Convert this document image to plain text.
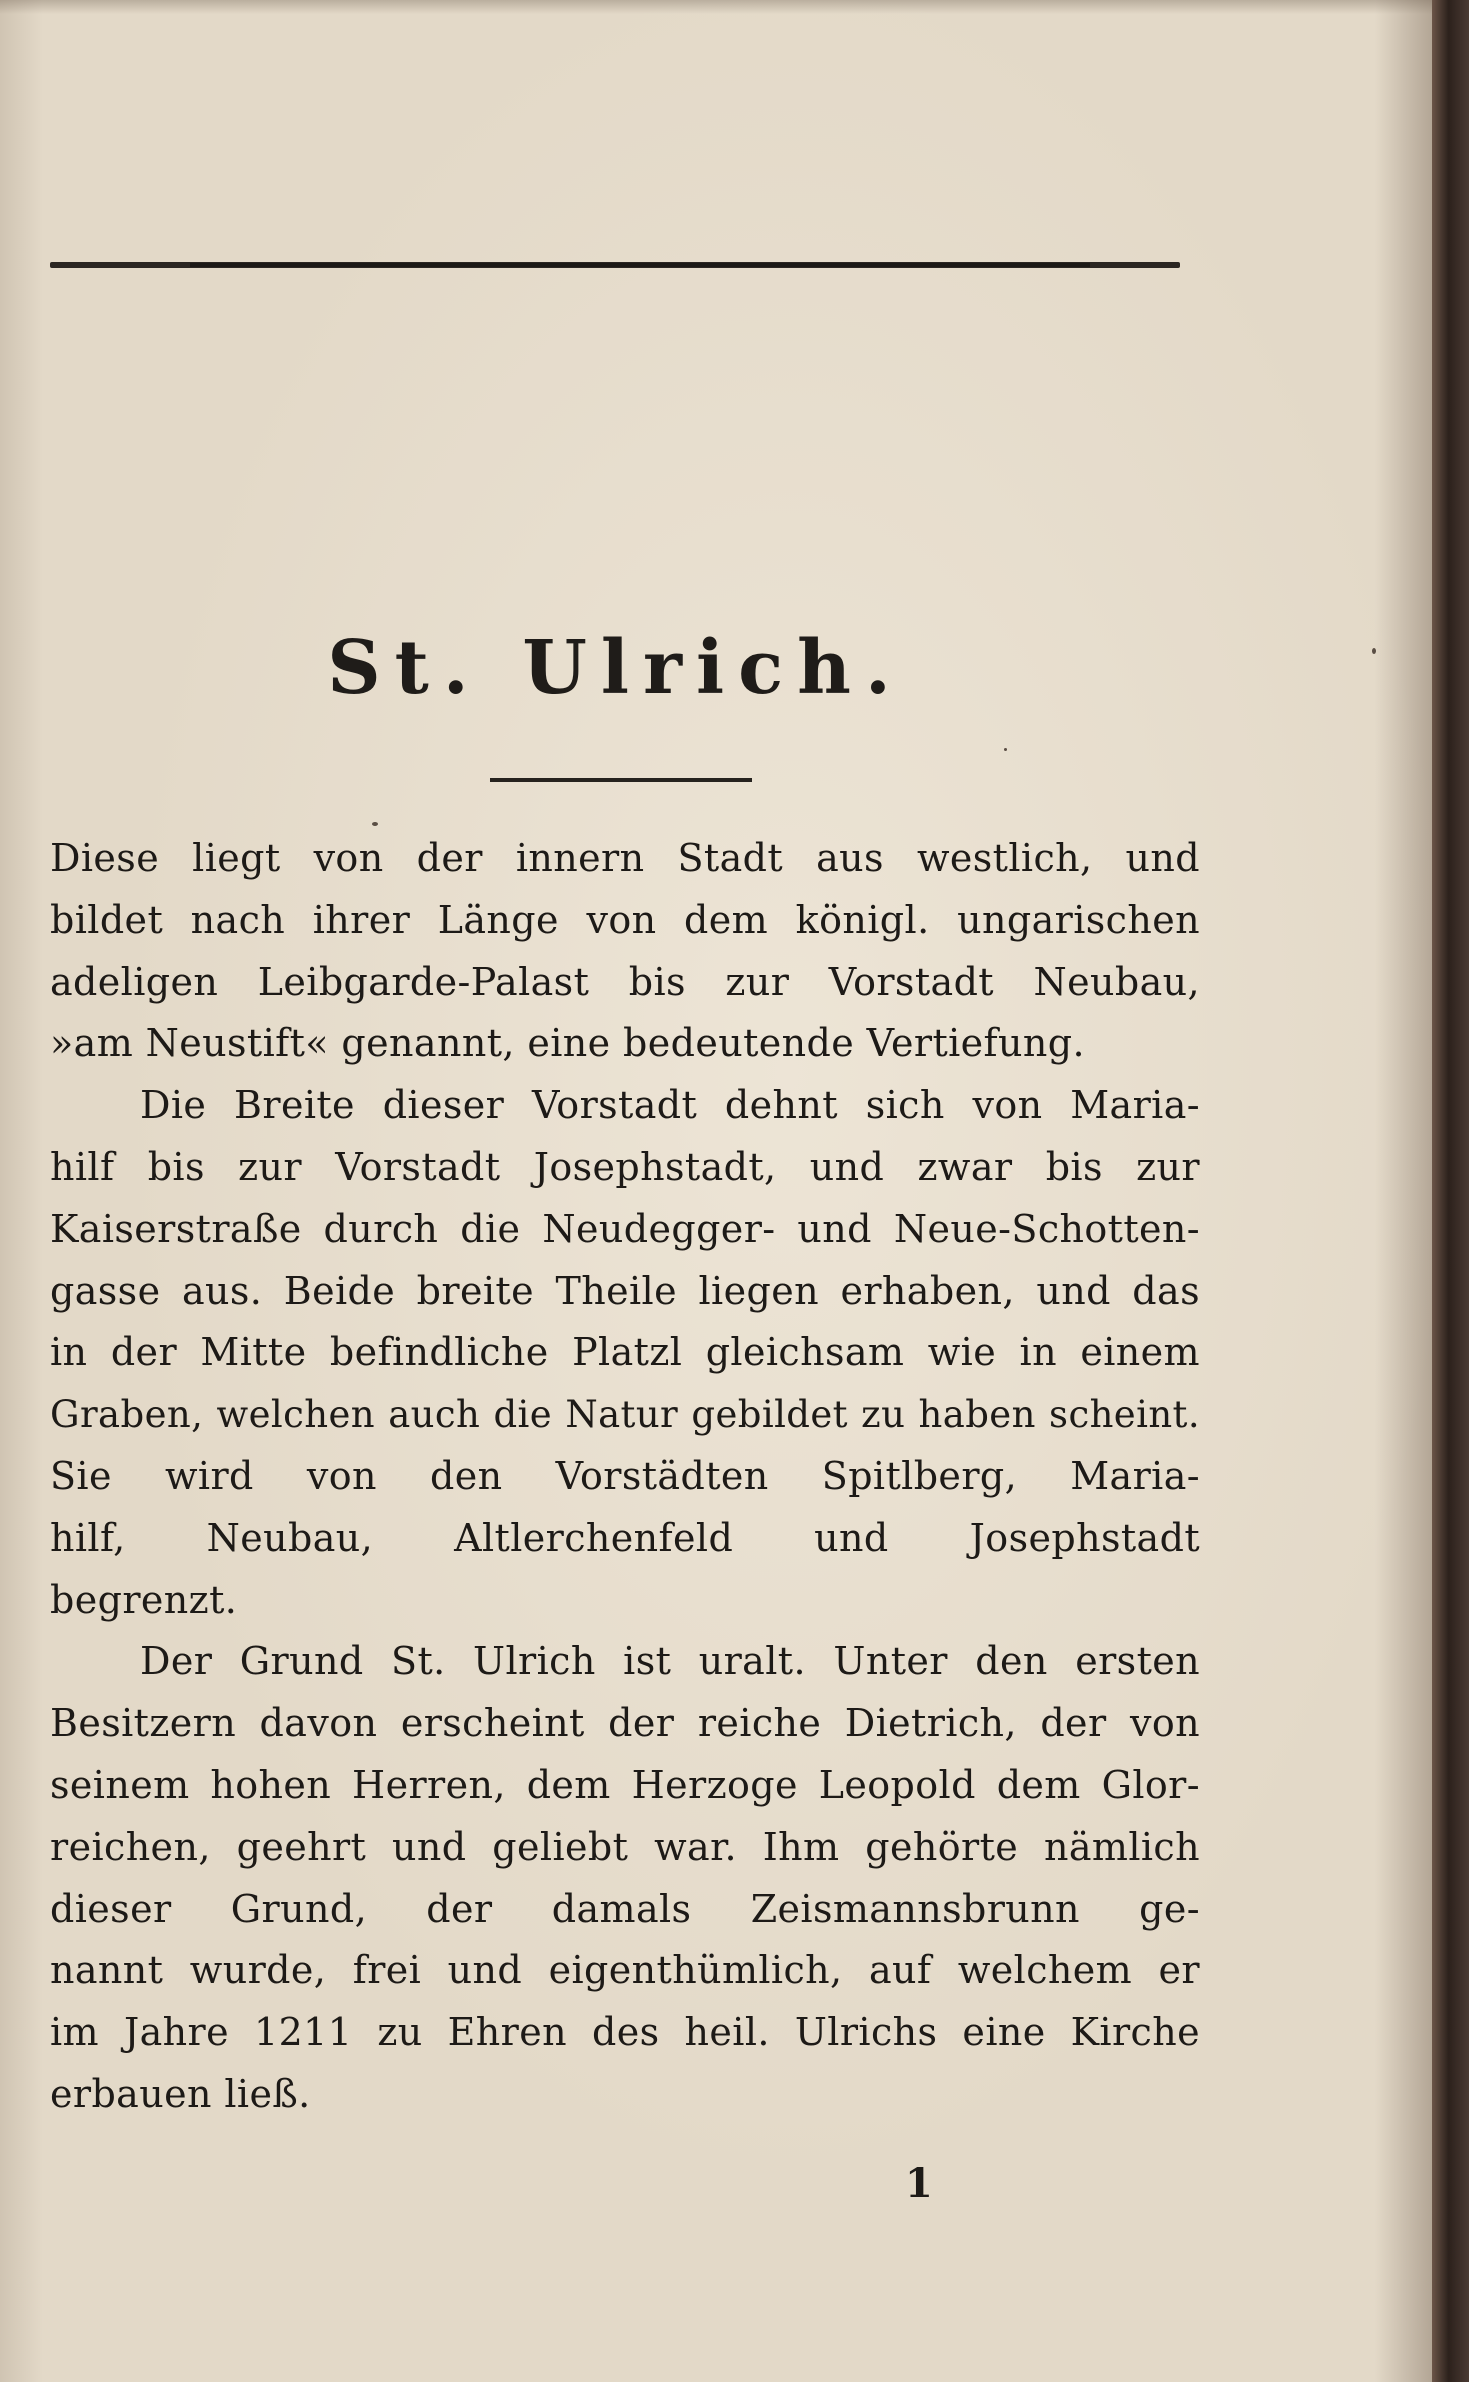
St. Ulrich.

Diese liegt von der innern Stadt aus westlich, und
bildet nach ihrer Länge von dem königl. ungarischen
adeligen Leibgarde-Palast bis zur Vorstadt Neubau,
»am Neustift« genannt, eine bedeutende Vertiefung.

Die Breite dieser Vorstadt dehnt sich von Maria-
hilf bis zur Vorstadt Josephstadt, und zwar bis zur
Kaiserstraße durch die Neudegger- und Neue-Schotten-
gasse aus. Beide breite Theile liegen erhaben, und das
in der Mitte befindliche Platzl gleichsam wie in einem
Graben, welchen auch die Natur gebildet zu haben scheint.
Sie wird von den Vorstädten Spitlberg, Maria-
hilf, Neubau, Altlerchenfeld und Josephstadt
begrenzt.

Der Grund St. Ulrich ist uralt. Unter den ersten
Besitzern davon erscheint der reiche Dietrich, der von
seinem hohen Herren, dem Herzoge Leopold dem Glor-
reichen, geehrt und geliebt war. Ihm gehörte nämlich
dieser Grund, der damals Zeismannsbrunn ge-
nannt wurde, frei und eigenthümlich, auf welchem er
im Jahre 1211 zu Ehren des heil. Ulrichs eine Kirche
erbauen ließ.

1
